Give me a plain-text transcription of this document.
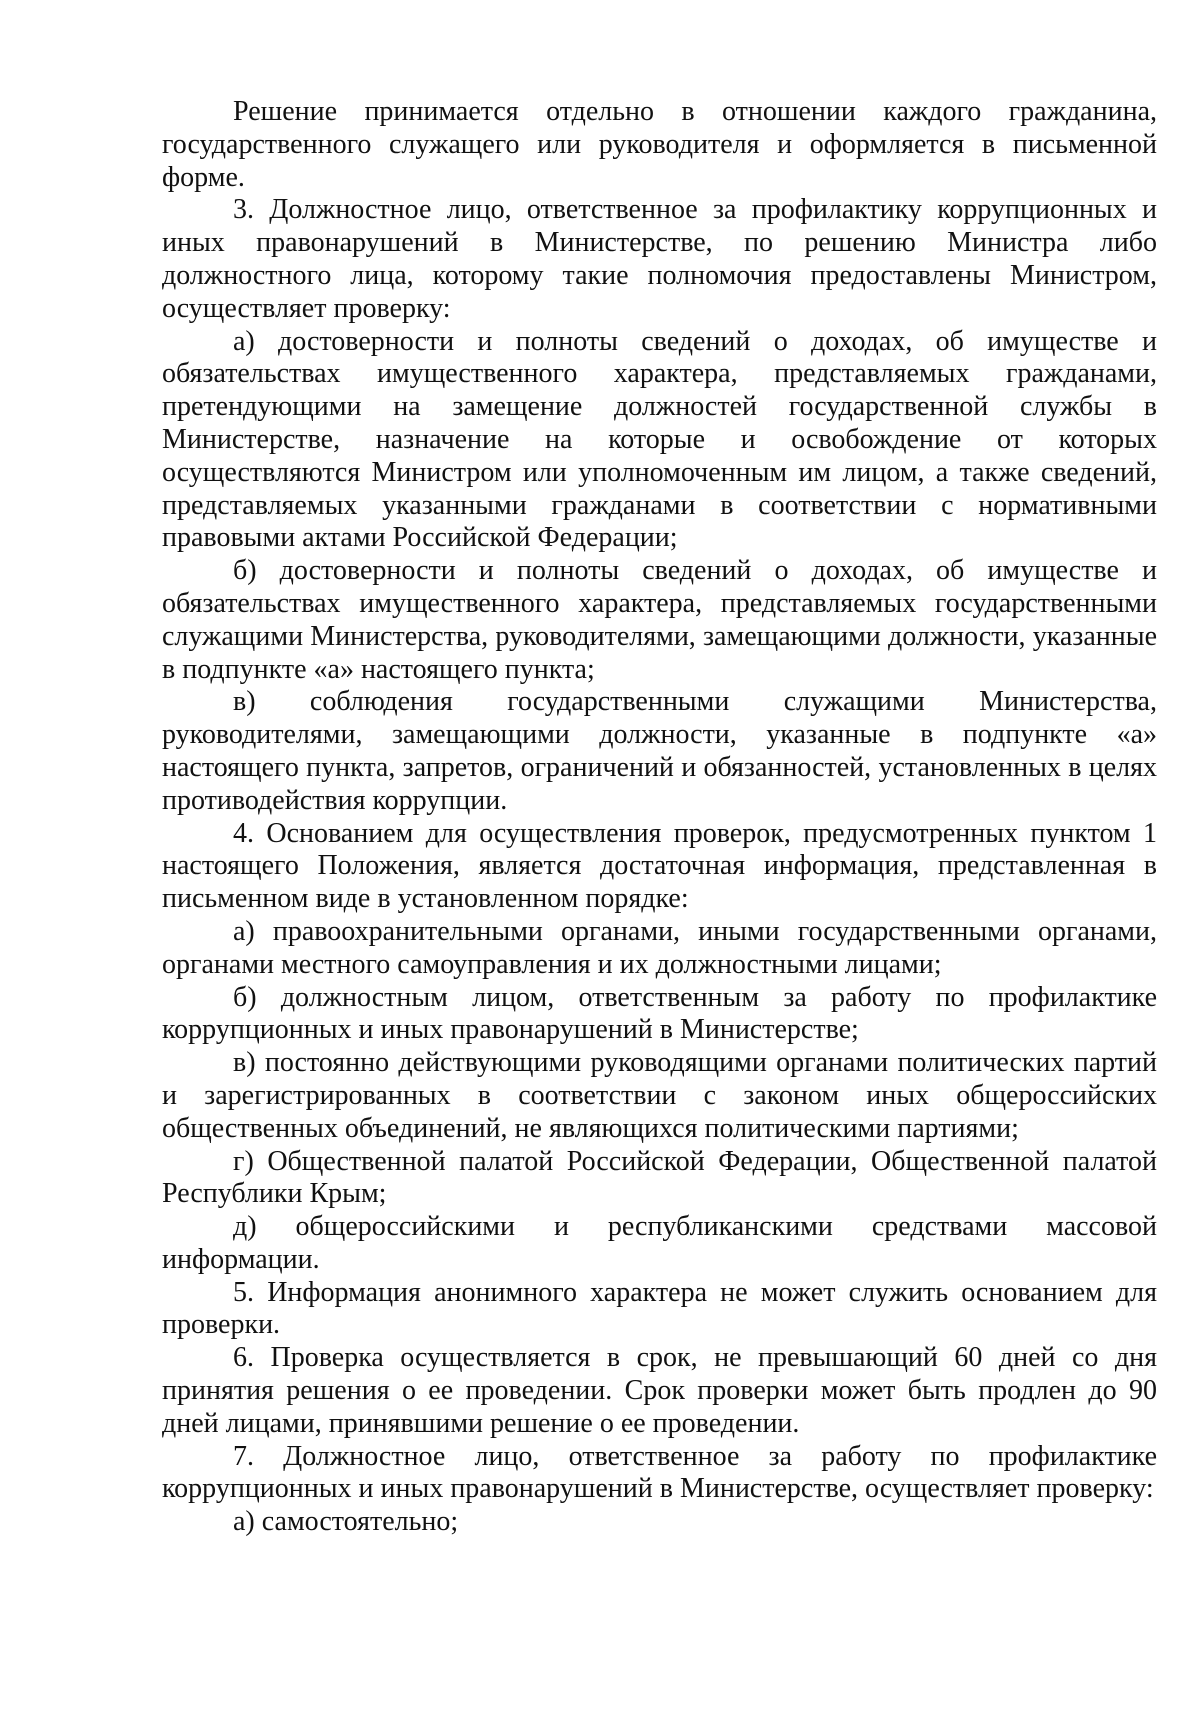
Решение принимается отдельно в отношении каждого гражданина, государственного служащего или руководителя и оформляется в письменной форме.

3. Должностное лицо, ответственное за профилактику коррупционных и иных правонарушений в Министерстве, по решению Министра либо должностного лица, которому такие полномочия предоставлены Министром, осуществляет проверку:

а) достоверности и полноты сведений о доходах, об имуществе и обязательствах имущественного характера, представляемых гражданами, претендующими на замещение должностей государственной службы в Министерстве, назначение на которые и освобождение от которых осуществляются Министром или уполномоченным им лицом, а также сведений, представляемых указанными гражданами в соответствии с нормативными правовыми актами Российской Федерации;

б) достоверности и полноты сведений о доходах, об имуществе и обязательствах имущественного характера, представляемых государственными служащими Министерства, руководителями, замещающими должности, указанные в подпункте «а» настоящего пункта;

в) соблюдения государственными служащими Министерства, руководителями, замещающими должности, указанные в подпункте «а» настоящего пункта, запретов, ограничений и обязанностей, установленных в целях противодействия коррупции.

4. Основанием для осуществления проверок, предусмотренных пунктом 1 настоящего Положения, является достаточная информация, представленная в письменном виде в установленном порядке:

а) правоохранительными органами, иными государственными органами, органами местного самоуправления и их должностными лицами;

б) должностным лицом, ответственным за работу по профилактике коррупционных и иных правонарушений в Министерстве;

в) постоянно действующими руководящими органами политических партий и зарегистрированных в соответствии с законом иных общероссийских общественных объединений, не являющихся политическими партиями;

г) Общественной палатой Российской Федерации, Общественной палатой Республики Крым;

д) общероссийскими и республиканскими средствами массовой информации.

5. Информация анонимного характера не может служить основанием для проверки.

6. Проверка осуществляется в срок, не превышающий 60 дней со дня принятия решения о ее проведении. Срок проверки может быть продлен до 90 дней лицами, принявшими решение о ее проведении.

7. Должностное лицо, ответственное за работу по профилактике коррупционных и иных правонарушений в Министерстве, осуществляет проверку:

а) самостоятельно;
